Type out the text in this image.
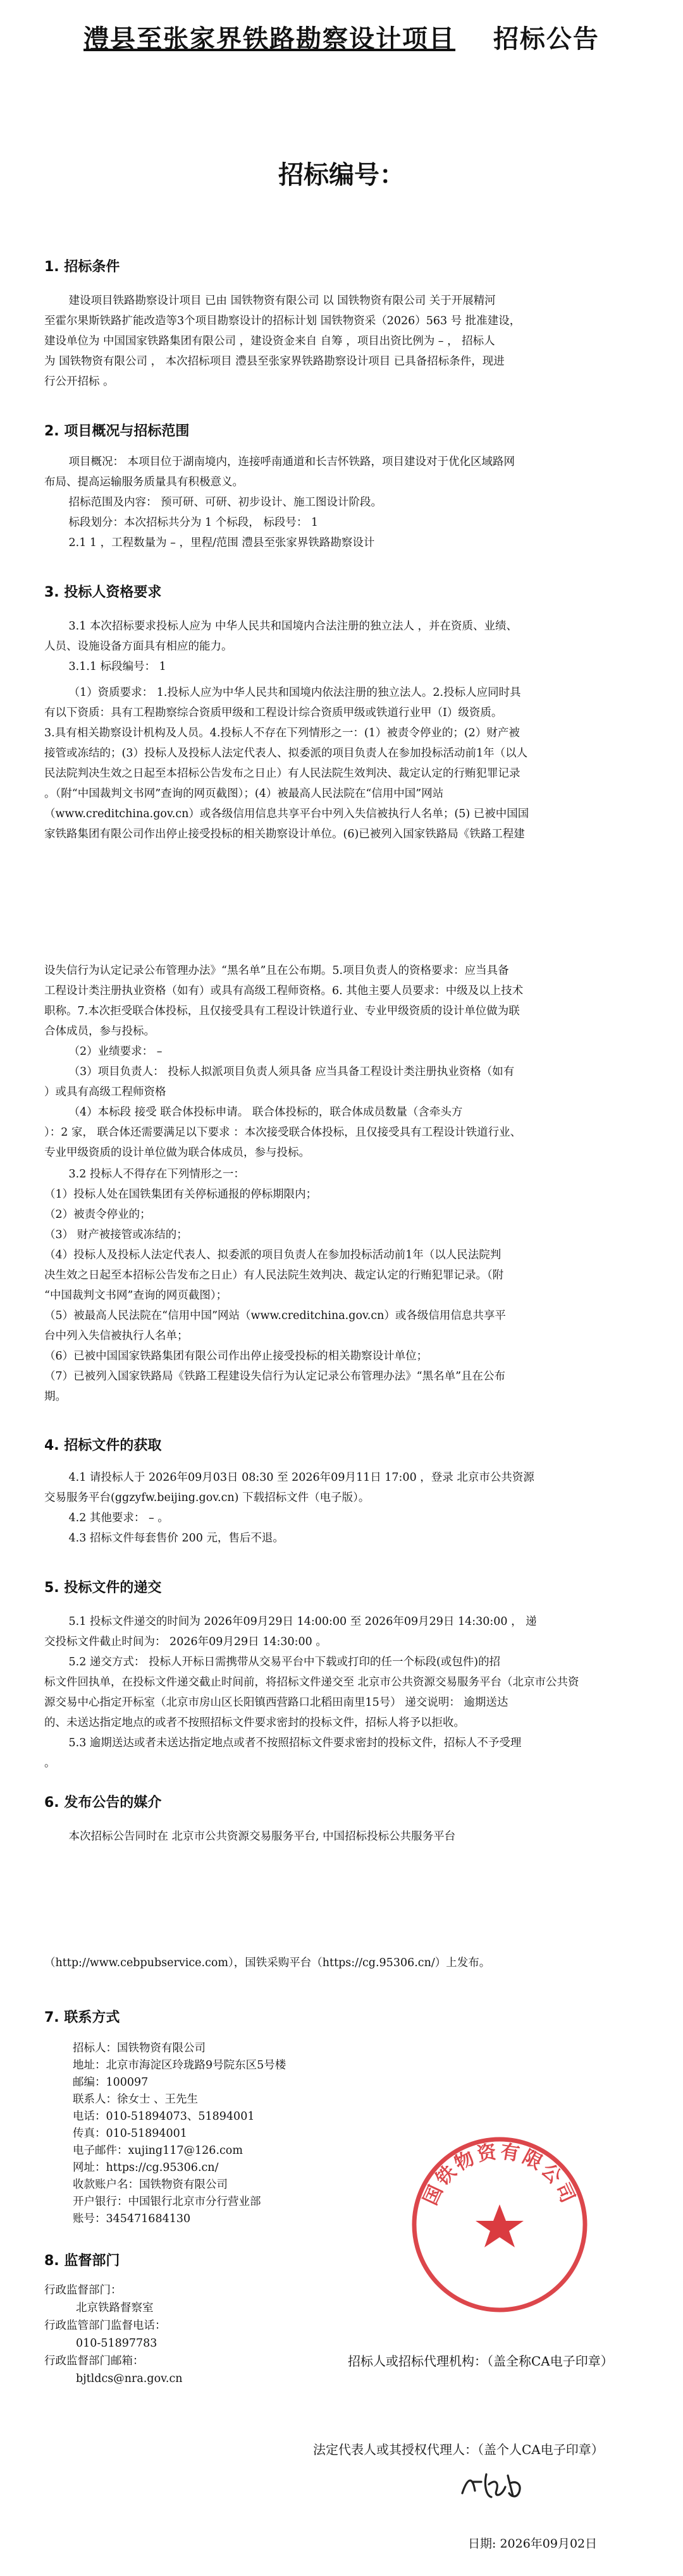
澧县至张家界铁路勘察设计项目 招标公告
招标编号：
1. 招标条件
建设项目铁路勘察设计项目 已由 国铁物资有限公司 以 国铁物资有限公司 关于开展精河
至霍尔果斯铁路扩能改造等3个项目勘察设计的招标计划 国铁物资采（2026）563 号 批准建设，
建设单位为 中国国家铁路集团有限公司 ，建设资金来自 自筹 ，项目出资比例为 – ， 招标人
为 国铁物资有限公司 ， 本次招标项目 澧县至张家界铁路勘察设计项目 已具备招标条件，现进
行公开招标 。
2. 项目概况与招标范围
项目概况： 本项目位于湖南境内，连接呼南通道和长吉怀铁路，项目建设对于优化区域路网
布局、提高运输服务质量具有积极意义。
招标范围及内容： 预可研、可研、初步设计、施工图设计阶段。
标段划分：本次招标共分为 1 个标段， 标段号： 1
2.1 1 ，工程数量为 – ，里程/范围 澧县至张家界铁路勘察设计
3. 投标人资格要求
3.1 本次招标要求投标人应为 中华人民共和国境内合法注册的独立法人 ，并在资质、业绩、
人员、设施设备方面具有相应的能力。
3.1.1 标段编号： 1
（1）资质要求： 1.投标人应为中华人民共和国境内依法注册的独立法人。2.投标人应同时具
有以下资质：具有工程勘察综合资质甲级和工程设计综合资质甲级或铁道行业甲（Ⅰ）级资质。
3.具有相关勘察设计机构及人员。4.投标人不存在下列情形之一：(1）被责令停业的；(2）财产被
接管或冻结的；(3）投标人及投标人法定代表人、拟委派的项目负责人在参加投标活动前1年（以人
民法院判决生效之日起至本招标公告发布之日止）有人民法院生效判决、裁定认定的行贿犯罪记录
。（附“中国裁判文书网”查询的网页截图）；(4）被最高人民法院在“信用中国”网站
（www.creditchina.gov.cn）或各级信用信息共享平台中列入失信被执行人名单；(5) 已被中国国
家铁路集团有限公司作出停止接受投标的相关勘察设计单位。(6)已被列入国家铁路局《铁路工程建
设失信行为认定记录公布管理办法》“黑名单”且在公布期。5.项目负责人的资格要求：应当具备
工程设计类注册执业资格（如有）或具有高级工程师资格。6. 其他主要人员要求：中级及以上技术
职称。7.本次拒受联合体投标，且仅接受具有工程设计铁道行业、专业甲级资质的设计单位做为联
合体成员，参与投标。
（2）业绩要求： –
（3）项目负责人： 投标人拟派项目负责人须具备 应当具备工程设计类注册执业资格（如有
）或具有高级工程师资格
（4）本标段 接受 联合体投标申请。 联合体投标的，联合体成员数量（含牵头方
）：2 家， 联合体还需要满足以下要求 ：本次接受联合体投标，且仅接受具有工程设计铁道行业、
专业甲级资质的设计单位做为联合体成员，参与投标。
3.2 投标人不得存在下列情形之一：
（1）投标人处在国铁集团有关停标通报的停标期限内；
（2）被责令停业的；
（3） 财产被接管或冻结的；
（4）投标人及投标人法定代表人、拟委派的项目负责人在参加投标活动前1年（以人民法院判
决生效之日起至本招标公告发布之日止）有人民法院生效判决、裁定认定的行贿犯罪记录。（附
“中国裁判文书网”查询的网页截图）；
（5）被最高人民法院在“信用中国”网站（www.creditchina.gov.cn）或各级信用信息共享平
台中列入失信被执行人名单；
（6）已被中国国家铁路集团有限公司作出停止接受投标的相关勘察设计单位；
（7）已被列入国家铁路局《铁路工程建设失信行为认定记录公布管理办法》“黑名单”且在公布
期。
4. 招标文件的获取
4.1 请投标人于 2026年09月03日 08:30 至 2026年09月11日 17:00 ，登录 北京市公共资源
交易服务平台(ggzyfw.beijing.gov.cn) 下载招标文件（电子版）。
4.2 其他要求： – 。
4.3 招标文件每套售价 200 元，售后不退。
5. 投标文件的递交
5.1 投标文件递交的时间为 2026年09月29日 14:00:00 至 2026年09月29日 14:30:00 ， 递
交投标文件截止时间为： 2026年09月29日 14:30:00 。
5.2 递交方式： 投标人开标日需携带从交易平台中下载或打印的任一个标段(或包件)的招
标文件回执单，在投标文件递交截止时间前，将招标文件递交至 北京市公共资源交易服务平台（北京市公共资
源交易中心指定开标室（北京市房山区长阳镇西营路口北稻田南里15号） 递交说明： 逾期送达
的、未送达指定地点的或者不按照招标文件要求密封的投标文件，招标人将予以拒收。
5.3 逾期送达或者未送达指定地点或者不按照招标文件要求密封的投标文件，招标人不予受理
。
6. 发布公告的媒介
本次招标公告同时在 北京市公共资源交易服务平台, 中国招标投标公共服务平台
（http://www.cebpubservice.com），国铁采购平台（https://cg.95306.cn/）上发布。
7. 联系方式
招标人：国铁物资有限公司
地址：北京市海淀区玲珑路9号院东区5号楼
邮编：100097
联系人：徐女士 、王先生
电话：010-51894073、51894001
传真：010-51894001
电子邮件：xujing117@126.com
网址：https://cg.95306.cn/
收款账户名：国铁物资有限公司
开户银行：中国银行北京市分行营业部
账号：345471684130
8. 监督部门
行政监督部门：
北京铁路督察室
行政监管部门监督电话：
010-51897783
行政监督部门邮箱：
bjtldcs@nra.gov.cn
国铁物资有限公司
招标人或招标代理机构：（盖全称CA电子印章）
法定代表人或其授权代理人：（盖个人CA电子印章）
日期: 2026年09月02日
